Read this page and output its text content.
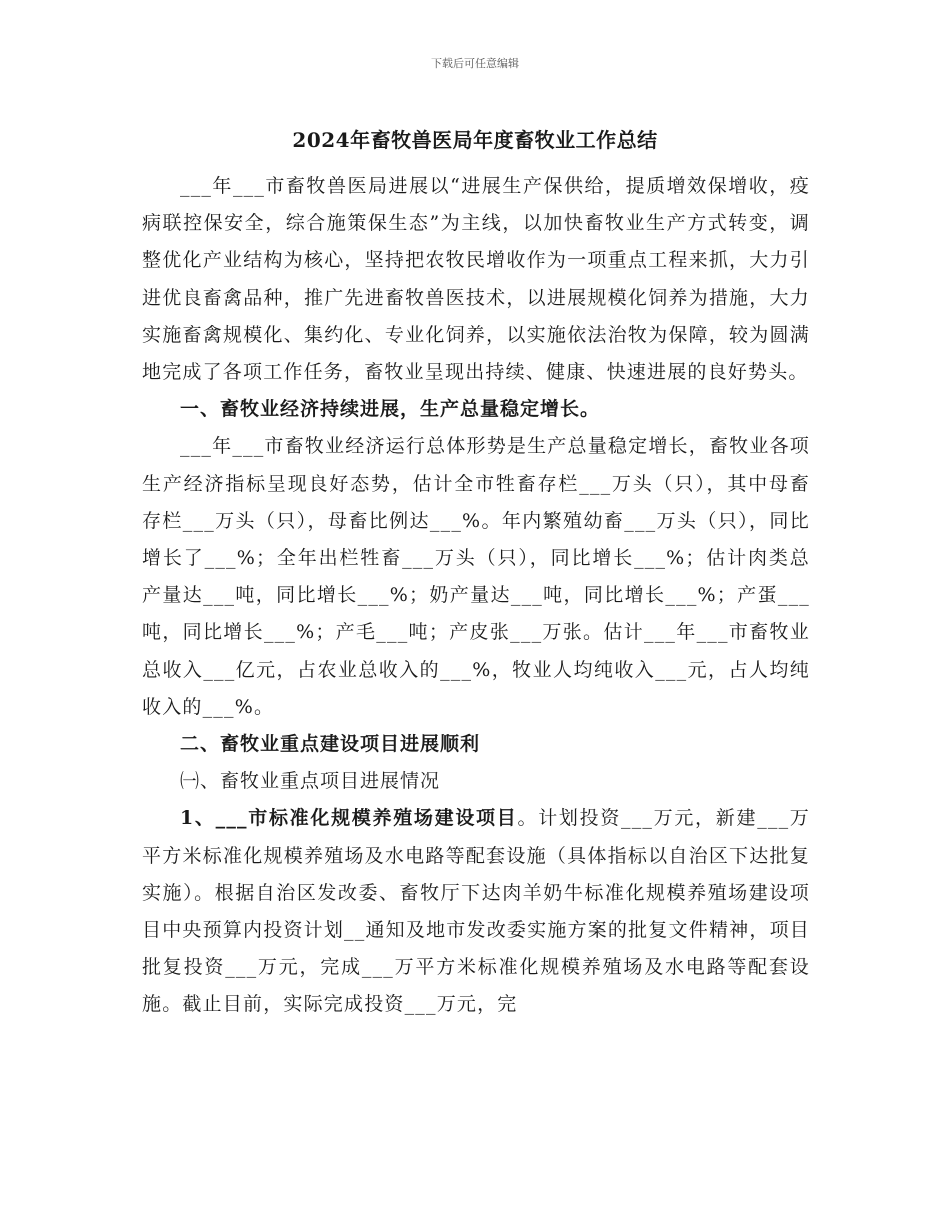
下载后可任意编辑
2024年畜牧兽医局年度畜牧业工作总结

___年___市畜牧兽医局进展以“进展生产保供给，提质增效保增收，疫病联控保安全，综合施策保生态”为主线，以加快畜牧业生产方式转变，调整优化产业结构为核心，坚持把农牧民增收作为一项重点工程来抓，大力引进优良畜禽品种，推广先进畜牧兽医技术，以进展规模化饲养为措施，大力实施畜禽规模化、集约化、专业化饲养，以实施依法治牧为保障，较为圆满地完成了各项工作任务，畜牧业呈现出持续、健康、快速进展的良好势头。

一、畜牧业经济持续进展，生产总量稳定增长。

___年___市畜牧业经济运行总体形势是生产总量稳定增长，畜牧业各项生产经济指标呈现良好态势，估计全市牲畜存栏___万头（只），其中母畜存栏___万头（只），母畜比例达___%。年内繁殖幼畜___万头（只），同比增长了___%；全年出栏牲畜___万头（只），同比增长___%；估计肉类总产量达___吨，同比增长___%；奶产量达___吨，同比增长___%；产蛋___吨，同比增长___%；产毛___吨；产皮张___万张。估计___年___市畜牧业总收入___亿元，占农业总收入的___%，牧业人均纯收入___元，占人均纯收入的___%。

二、畜牧业重点建设项目进展顺利

㈠、畜牧业重点项目进展情况

1、___市标准化规模养殖场建设项目。计划投资___万元，新建___万平方米标准化规模养殖场及水电路等配套设施（具体指标以自治区下达批复实施）。根据自治区发改委、畜牧厅下达肉羊奶牛标准化规模养殖场建设项目中央预算内投资计划__通知及地市发改委实施方案的批复文件精神，项目批复投资___万元，完成___万平方米标准化规模养殖场及水电路等配套设施。截止目前，实际完成投资___万元，完
